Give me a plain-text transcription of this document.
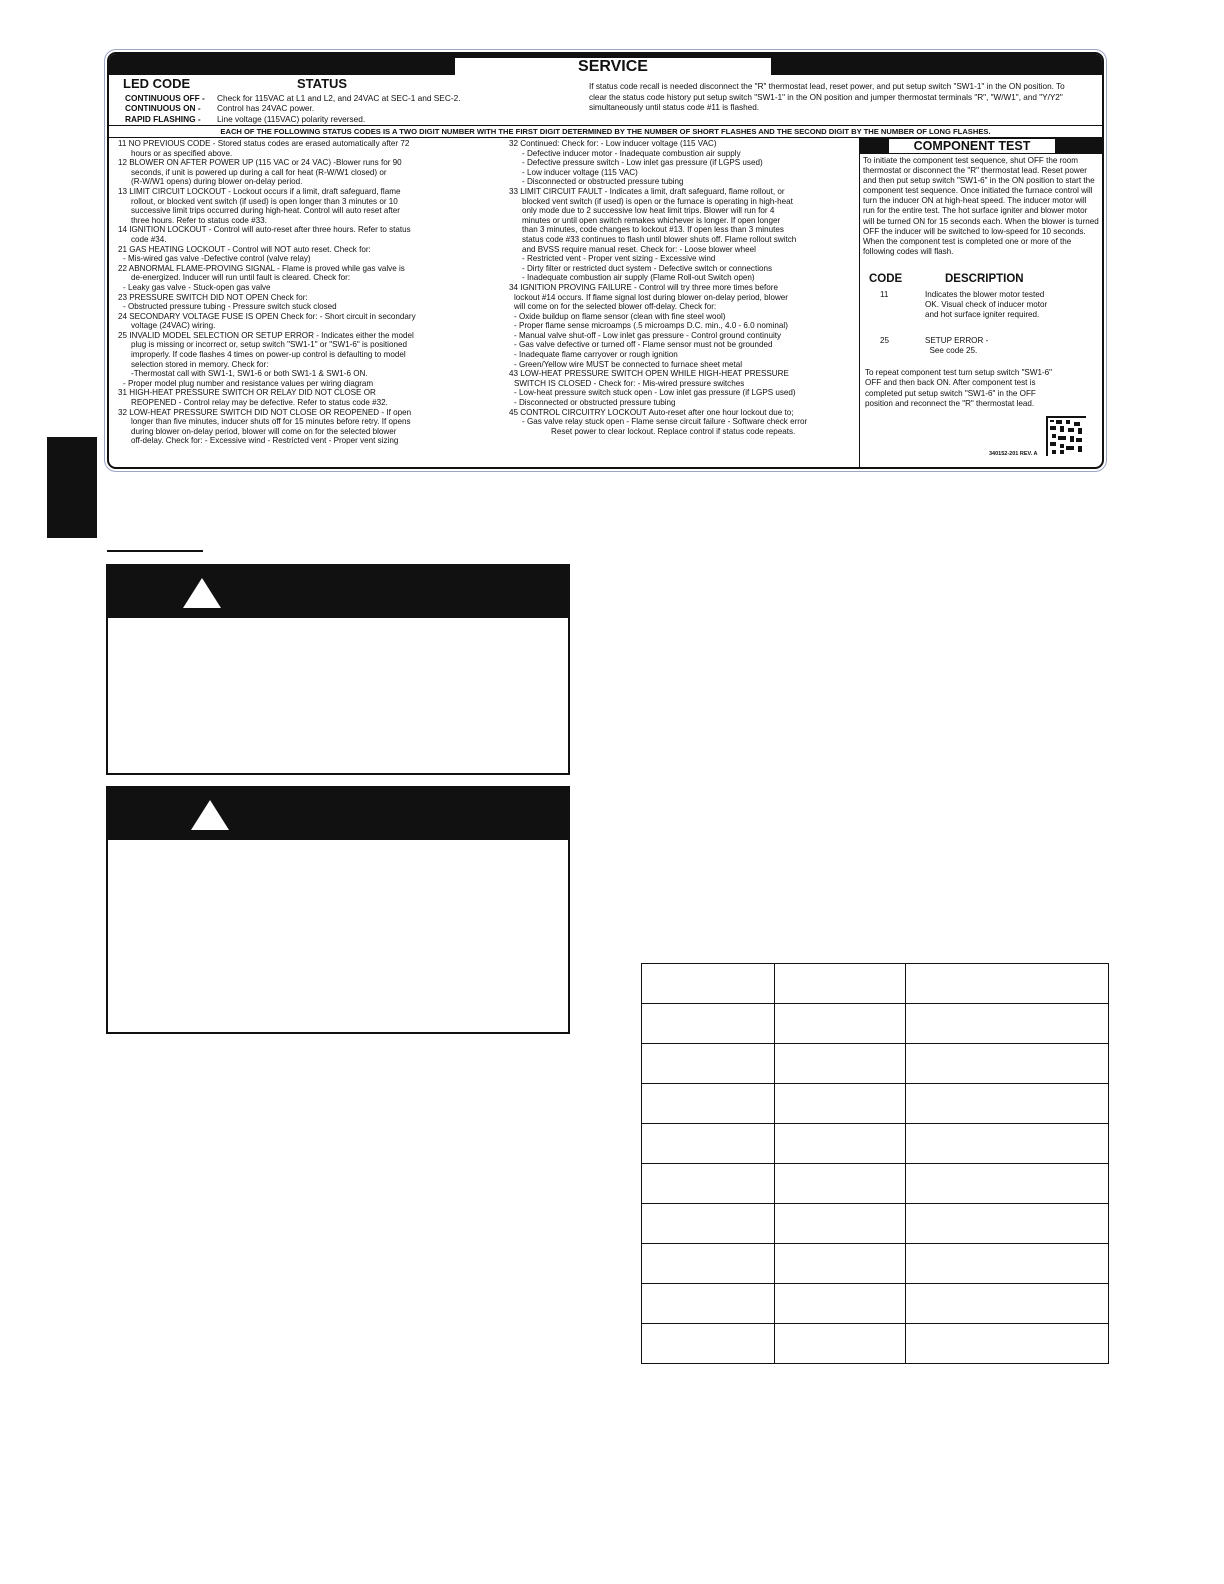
SERVICE
LED CODE	STATUS
CONTINUOUS OFF - Check for 115VAC at L1 and L2, and 24VAC at SEC-1 and SEC-2.
CONTINUOUS ON - Control has 24VAC power.
RAPID FLASHING - Line voltage (115VAC) polarity reversed.
If status code recall is needed disconnect the "R" thermostat lead, reset power, and put setup switch "SW1-1" in the ON position. To clear the status code history put setup switch "SW1-1" in the ON position and jumper thermostat terminals "R", "W/W1", and "Y/Y2" simultaneously until status code #11 is flashed.
EACH OF THE FOLLOWING STATUS CODES IS A TWO DIGIT NUMBER WITH THE FIRST DIGIT DETERMINED BY THE NUMBER OF SHORT FLASHES AND THE SECOND DIGIT BY THE NUMBER OF LONG FLASHES.

11 NO PREVIOUS CODE - Stored status codes are erased automatically after 72

hours or as specified above.

12 BLOWER ON AFTER POWER UP (115 VAC or 24 VAC) -Blower runs for 90

seconds, if unit is powered up during a call for heat (R-W/W1 closed) or

(R-W/W1 opens) during blower on-delay period.

13 LIMIT CIRCUIT LOCKOUT - Lockout occurs if a limit, draft safeguard, flame

rollout, or blocked vent switch (if used) is open longer than 3 minutes or 10

successive limit trips occurred during high-heat. Control will auto reset after

three hours. Refer to status code #33.

14 IGNITION LOCKOUT - Control will auto-reset after three hours. Refer to status

code #34.

21 GAS HEATING LOCKOUT - Control will NOT auto reset. Check for:

- Mis-wired gas valve -Defective control (valve relay)

22 ABNORMAL FLAME-PROVING SIGNAL - Flame is proved while gas valve is

de-energized. Inducer will run until fault is cleared. Check for:

- Leaky gas valve - Stuck-open gas valve

23 PRESSURE SWITCH DID NOT OPEN Check for:

- Obstructed pressure tubing - Pressure switch stuck closed

24 SECONDARY VOLTAGE FUSE IS OPEN Check for: - Short circuit in secondary

voltage (24VAC) wiring.

25 INVALID MODEL SELECTION OR SETUP ERROR - Indicates either the model

plug is missing or incorrect or, setup switch "SW1-1" or "SW1-6" is positioned

improperly. If code flashes 4 times on power-up control is defaulting to model

selection stored in memory. Check for:

-Thermostat call with SW1-1, SW1-6 or both SW1-1 & SW1-6 ON.

- Proper model plug number and resistance values per wiring diagram

31 HIGH-HEAT PRESSURE SWITCH OR RELAY DID NOT CLOSE OR

REOPENED - Control relay may be defective. Refer to status code #32.

32 LOW-HEAT PRESSURE SWITCH DID NOT CLOSE OR REOPENED - If open

longer than five minutes, inducer shuts off for 15 minutes before retry. If opens

during blower on-delay period, blower will come on for the selected blower

off-delay. Check for: - Excessive wind - Restricted vent - Proper vent sizing

32 Continued: Check for: - Low inducer voltage (115 VAC)

- Defective inducer motor - Inadequate combustion air supply

- Defective pressure switch - Low inlet gas pressure (if LGPS used)

- Low inducer voltage (115 VAC)

- Disconnected or obstructed pressure tubing

33 LIMIT CIRCUIT FAULT - Indicates a limit, draft safeguard, flame rollout, or

blocked vent switch (if used) is open or the furnace is operating in high-heat

only mode due to 2 successive low heat limit trips. Blower will run for 4

minutes or until open switch remakes whichever is longer. If open longer

than 3 minutes, code changes to lockout #13. If open less than 3 minutes

status code #33 continues to flash until blower shuts off. Flame rollout switch

and BVSS require manual reset. Check for: - Loose blower wheel

- Restricted vent - Proper vent sizing - Excessive wind

- Dirty filter or restricted duct system - Defective switch or connections

- Inadequate combustion air supply (Flame Roll-out Switch open)

34 IGNITION PROVING FAILURE - Control will try three more times before

lockout #14 occurs. If flame signal lost during blower on-delay period, blower

will come on for the selected blower off-delay. Check for:

- Oxide buildup on flame sensor (clean with fine steel wool)

- Proper flame sense microamps (.5 microamps D.C. min., 4.0 - 6.0 nominal)

- Manual valve shut-off - Low inlet gas pressure - Control ground continuity

- Gas valve defective or turned off - Flame sensor must not be grounded

- Inadequate flame carryover or rough ignition

- Green/Yellow wire MUST be connected to furnace sheet metal

43 LOW-HEAT PRESSURE SWITCH OPEN WHILE HIGH-HEAT PRESSURE

SWITCH IS CLOSED - Check for: - Mis-wired pressure switches

- Low-heat pressure switch stuck open - Low inlet gas pressure (if LGPS used)

- Disconnected or obstructed pressure tubing

45 CONTROL CIRCUITRY LOCKOUT Auto-reset after one hour lockout due to;

- Gas valve relay stuck open - Flame sense circuit failure - Software check error

Reset power to clear lockout. Replace control if status code repeats.

COMPONENT TEST
To initiate the component test sequence, shut OFF the room thermostat or disconnect the "R" thermostat lead. Reset power and then put setup switch "SW1-6" in the ON position to start the component test sequence. Once initiated the furnace control will turn the inducer ON at high-heat speed. The inducer motor will run for the entire test. The hot surface igniter and blower motor will be turned ON for 15 seconds each. When the blower is turned OFF the inducer will be switched to low-speed for 10 seconds. When the component test is completed one or more of the following codes will flash.
CODE	DESCRIPTION
11	Indicates the blower motor tested OK. Visual check of inducer motor and hot surface igniter required.
25	SETUP ERROR -
See code 25.
To repeat component test turn setup switch "SW1-6" OFF and then back ON. After component test is completed put setup switch "SW1-6" in the OFF position and reconnect the "R" thermostat lead.
340152-201 REV. A
